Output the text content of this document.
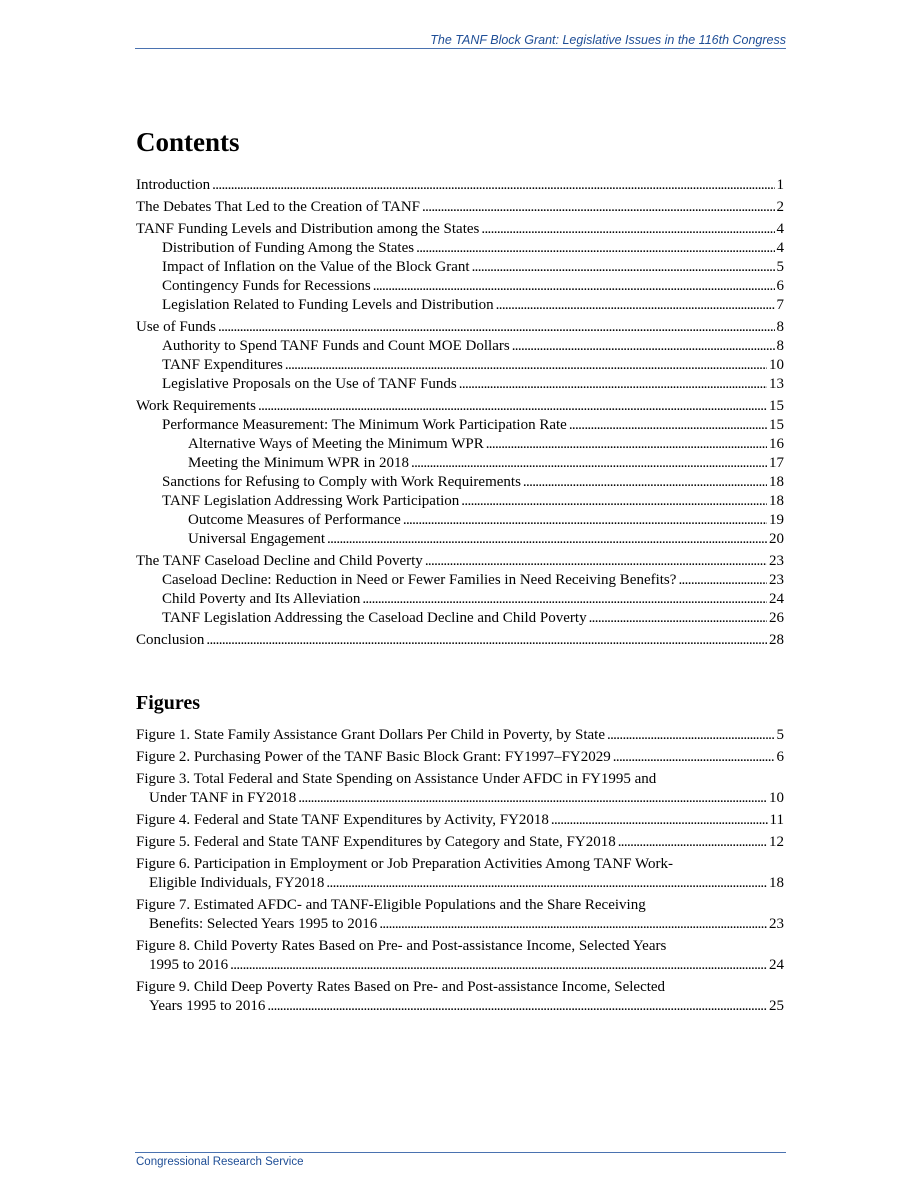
The TANF Block Grant: Legislative Issues in the 116th Congress
Contents
Introduction . . .	1
The Debates That Led to the Creation of TANF . . .	2
TANF Funding Levels and Distribution among the States . . .	4
Distribution of Funding Among the States . . .	4
Impact of Inflation on the Value of the Block Grant . . .	5
Contingency Funds for Recessions . . .	6
Legislation Related to Funding Levels and Distribution . . .	7
Use of Funds . . .	8
Authority to Spend TANF Funds and Count MOE Dollars . . .	8
TANF Expenditures . . .	10
Legislative Proposals on the Use of TANF Funds . . .	13
Work Requirements . . .	15
Performance Measurement: The Minimum Work Participation Rate . . .	15
Alternative Ways of Meeting the Minimum WPR . . .	16
Meeting the Minimum WPR in 2018 . . .	17
Sanctions for Refusing to Comply with Work Requirements . . .	18
TANF Legislation Addressing Work Participation . . .	18
Outcome Measures of Performance . . .	19
Universal Engagement . . .	20
The TANF Caseload Decline and Child Poverty . . .	23
Caseload Decline: Reduction in Need or Fewer Families in Need Receiving Benefits? . . .	23
Child Poverty and Its Alleviation . . .	24
TANF Legislation Addressing the Caseload Decline and Child Poverty . . .	26
Conclusion . . .	28
Figures
Figure 1. State Family Assistance Grant Dollars Per Child in Poverty, by State . . .	5
Figure 2. Purchasing Power of the TANF Basic Block Grant: FY1997–FY2029 . . .	6
Figure 3. Total Federal and State Spending on Assistance Under AFDC in FY1995 and
Under TANF in FY2018 . . .	10
Figure 4. Federal and State TANF Expenditures by Activity, FY2018 . . .	11
Figure 5. Federal and State TANF Expenditures by Category and State, FY2018 . . .	12
Figure 6. Participation in Employment or Job Preparation Activities Among TANF Work-
Eligible Individuals, FY2018 . . .	18
Figure 7. Estimated AFDC- and TANF-Eligible Populations and the Share Receiving
Benefits: Selected Years 1995 to 2016 . . .	23
Figure 8. Child Poverty Rates Based on Pre- and Post-assistance Income, Selected Years
1995 to 2016 . . .	24
Figure 9. Child Deep Poverty Rates Based on Pre- and Post-assistance Income, Selected
Years 1995 to 2016 . . .	25
Congressional Research Service
